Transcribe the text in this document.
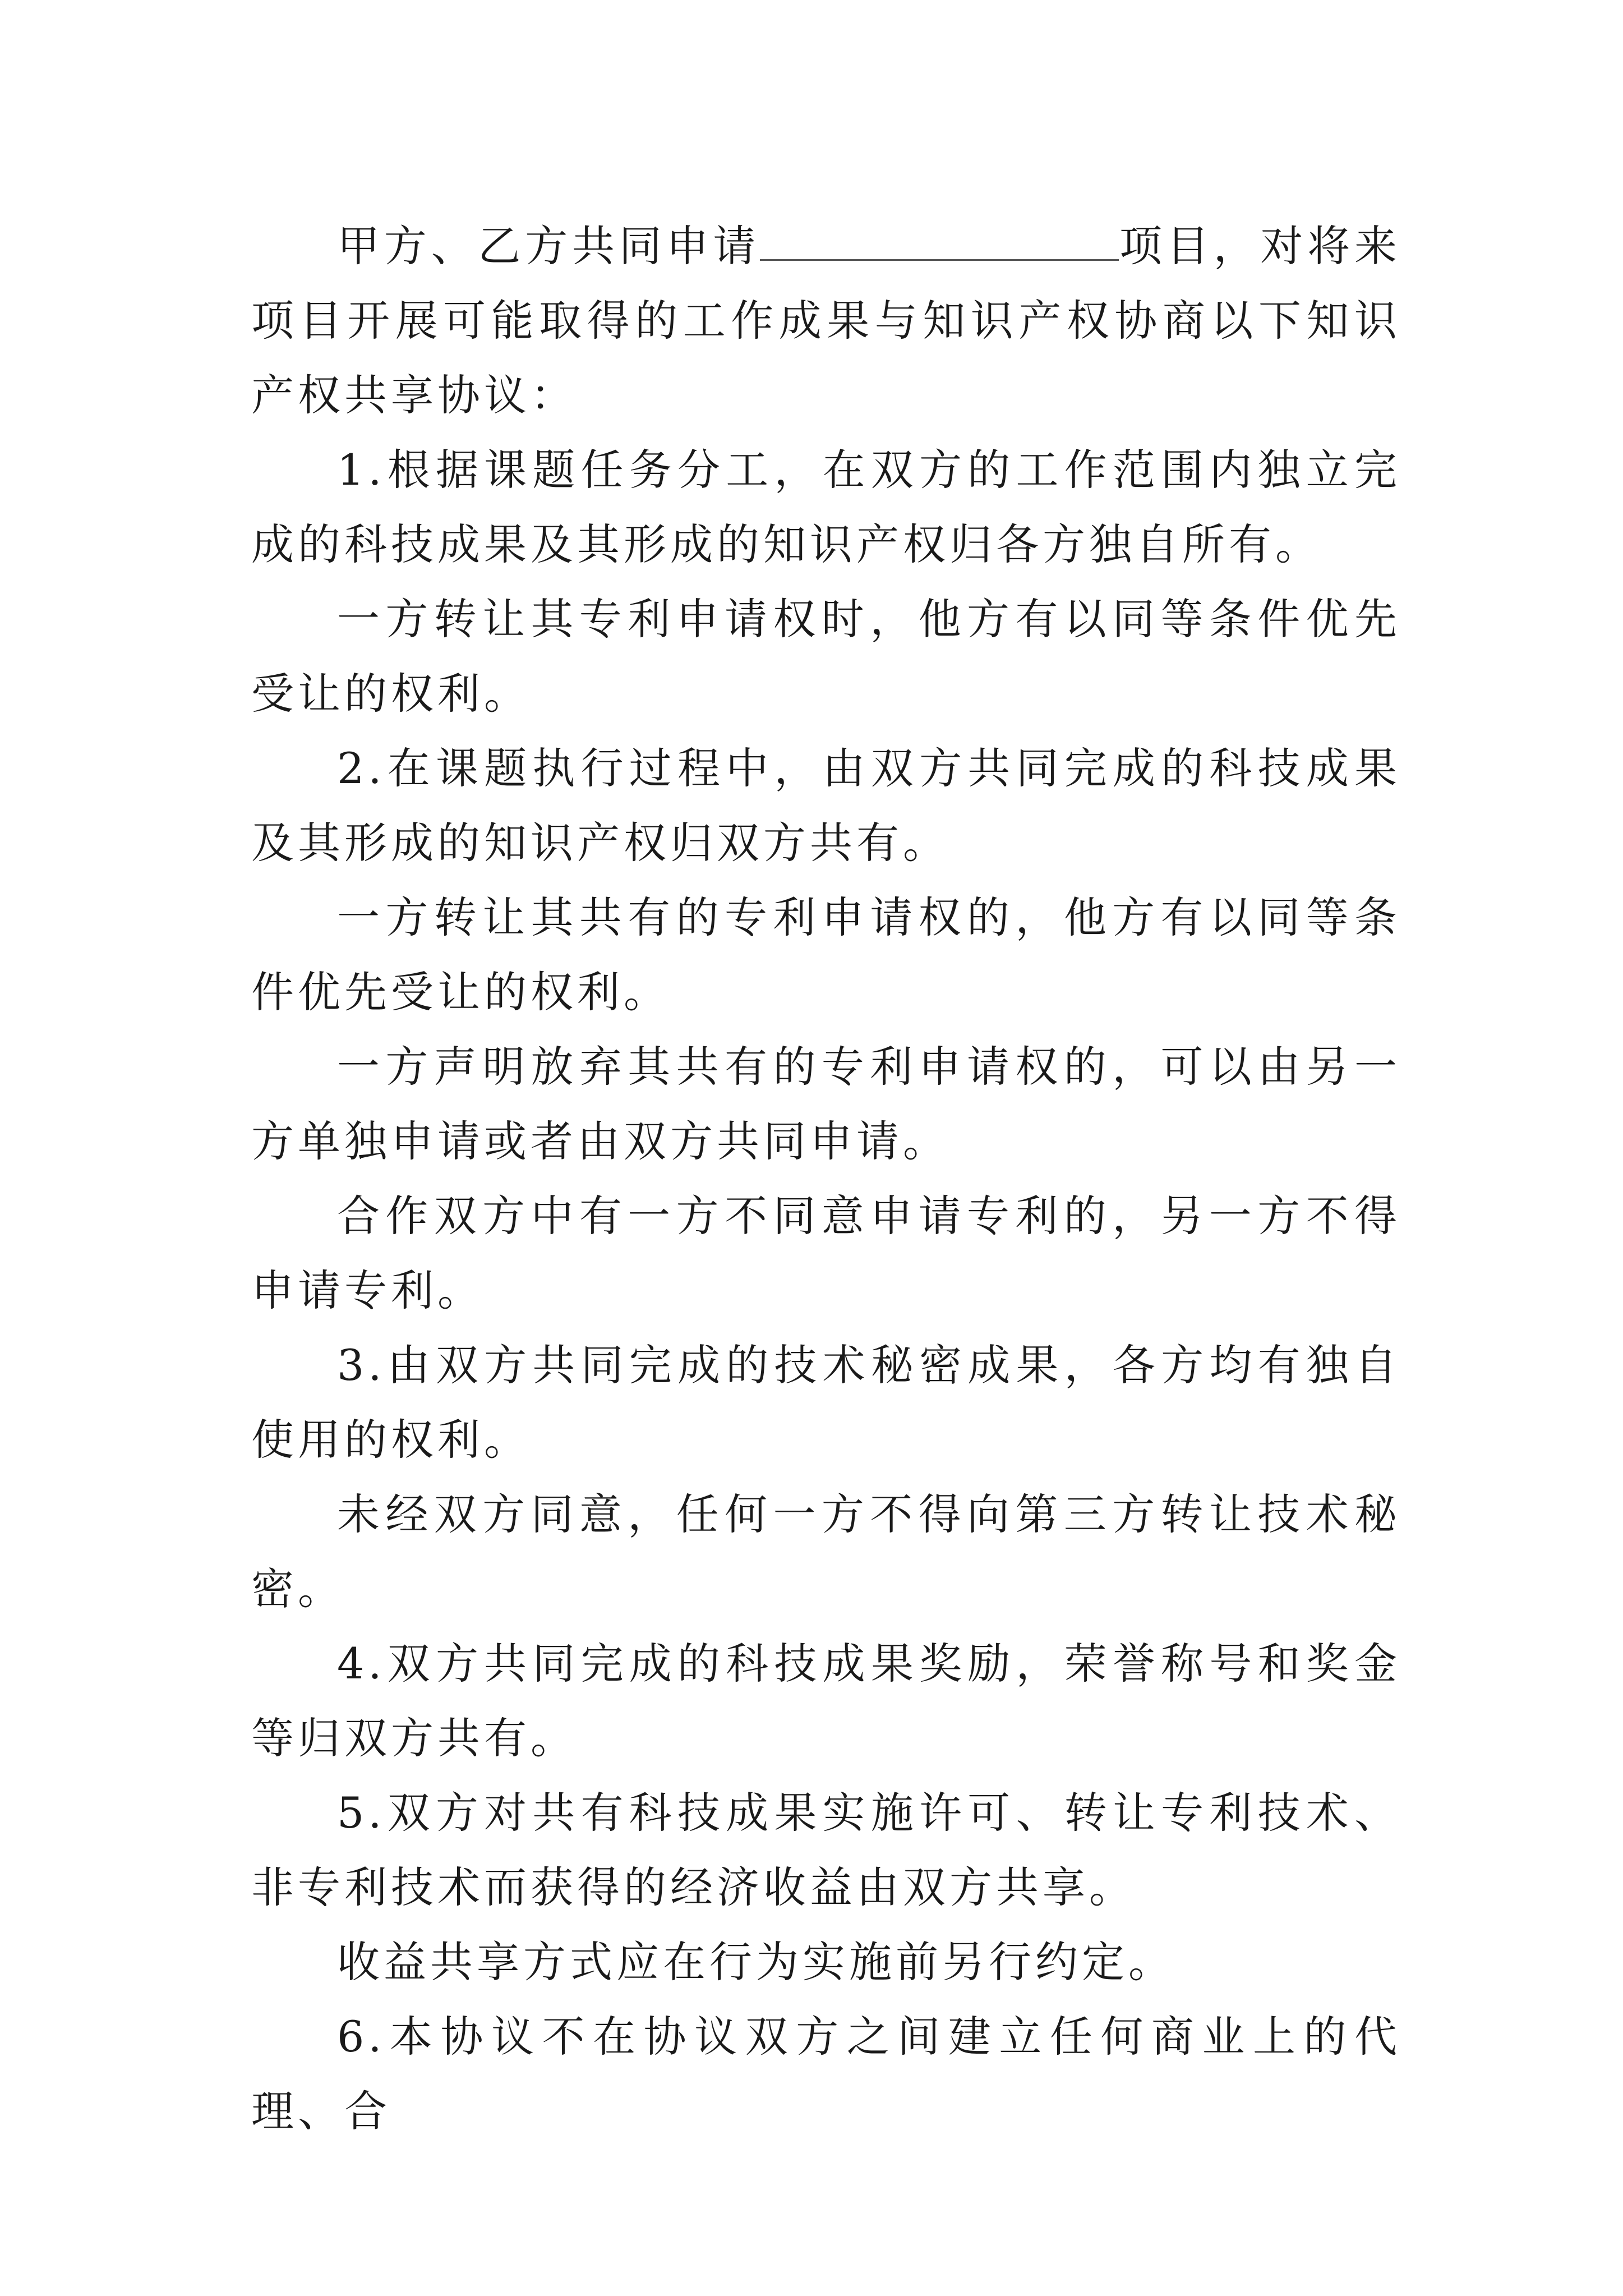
甲方、乙方共同申请	项目，对将来项目开展可能取得的工作成果与知识产权协商以下知识产权共享协议：

1.根据课题任务分工，在双方的工作范围内独立完成的科技成果及其形成的知识产权归各方独自所有。

一方转让其专利申请权时，他方有以同等条件优先受让的权利。

2.在课题执行过程中，由双方共同完成的科技成果及其形成的知识产权归双方共有。

一方转让其共有的专利申请权的，他方有以同等条件优先受让的权利。

一方声明放弃其共有的专利申请权的，可以由另一方单独申请或者由双方共同申请。

合作双方中有一方不同意申请专利的，另一方不得申请专利。

3.由双方共同完成的技术秘密成果，各方均有独自使用的权利。

未经双方同意，任何一方不得向第三方转让技术秘密。

4.双方共同完成的科技成果奖励，荣誉称号和奖金等归双方共有。

5.双方对共有科技成果实施许可、转让专利技术、非专利技术而获得的经济收益由双方共享。

收益共享方式应在行为实施前另行约定。

6.本协议不在协议双方之间建立任何商业上的代理、合
